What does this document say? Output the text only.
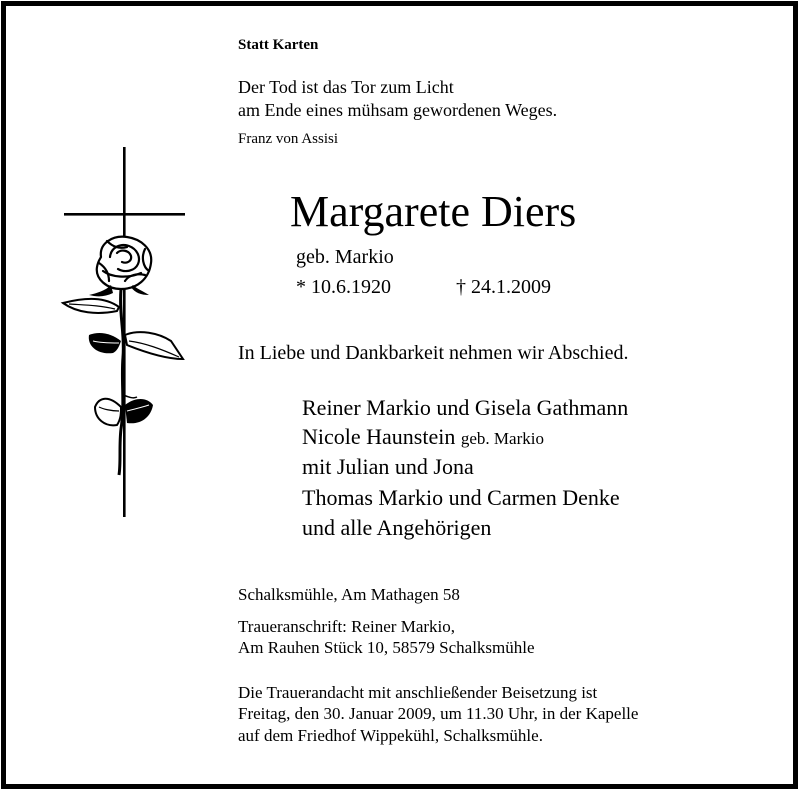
Statt Karten
Der Tod ist das Tor zum Licht
am Ende eines mühsam gewordenen Weges.
Franz von Assisi
Margarete Diers
geb. Markio
* 10.6.1920	† 24.1.2009
In Liebe und Dankbarkeit nehmen wir Abschied.
Reiner Markio und Gisela Gathmann
Nicole Haunstein geb. Markio
mit Julian und Jona
Thomas Markio und Carmen Denke
und alle Angehörigen
Schalksmühle, Am Mathagen 58
Traueranschrift: Reiner Markio,
Am Rauhen Stück 10, 58579 Schalksmühle
Die Trauerandacht mit anschließender Beisetzung ist
Freitag, den 30. Januar 2009, um 11.30 Uhr, in der Kapelle
auf dem Friedhof Wippekühl, Schalksmühle.
